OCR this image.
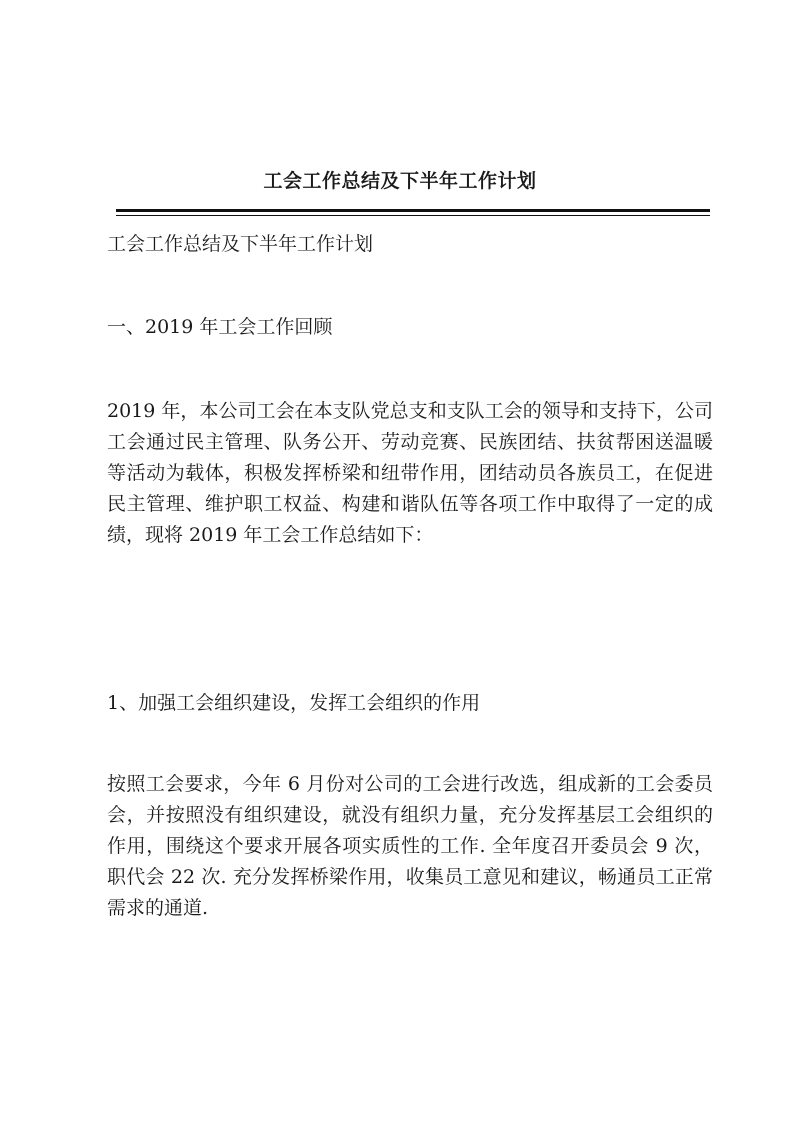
工会工作总结及下半年工作计划
工会工作总结及下半年工作计划
一、2019 年工会工作回顾
2019 年，本公司工会在本支队党总支和支队工会的领导和支持下，公司工会通过民主管理、队务公开、劳动竞赛、民族团结、扶贫帮困送温暖等活动为载体，积极发挥桥梁和纽带作用，团结动员各族员工，在促进民主管理、维护职工权益、构建和谐队伍等各项工作中取得了一定的成绩，现将 2019 年工会工作总结如下：
1、加强工会组织建设，发挥工会组织的作用
按照工会要求，今年 6 月份对公司的工会进行改选，组成新的工会委员会，并按照没有组织建设，就没有组织力量，充分发挥基层工会组织的作用，围绕这个要求开展各项实质性的工作. 全年度召开委员会 9 次，职代会 22 次. 充分发挥桥梁作用，收集员工意见和建议，畅通员工正常需求的通道.
